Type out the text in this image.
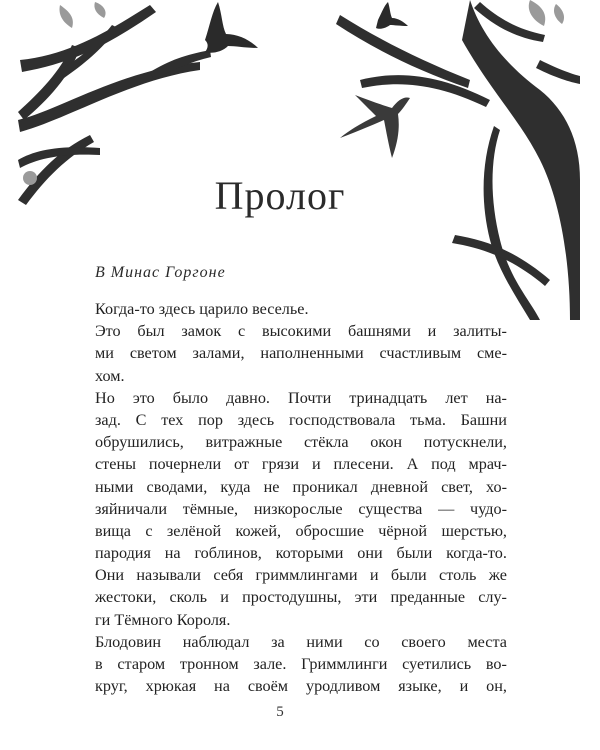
Пролог

В Минас Горгоне

Когда-то здесь царило веселье.
Это был замок с высокими башнями и залиты-
ми светом залами, наполненными счастливым сме-
хом.
Но это было давно. Почти тринадцать лет на-
зад. С тех пор здесь господствовала тьма. Башни
обрушились, витражные стёкла окон потускнели,
стены почернели от грязи и плесени. А под мрач-
ными сводами, куда не проникал дневной свет, хо-
зяйничали тёмные, низкорослые существа — чудо-
вища с зелёной кожей, обросшие чёрной шерстью,
пародия на гоблинов, которыми они были когда-то.
Они называли себя гриммлингами и были столь же
жестоки, сколь и простодушны, эти преданные слу-
ги Тёмного Короля.
Блодовин наблюдал за ними со своего места
в старом тронном зале. Гриммлинги суетились во-
круг, хрюкая на своём уродливом языке, и он,
5
